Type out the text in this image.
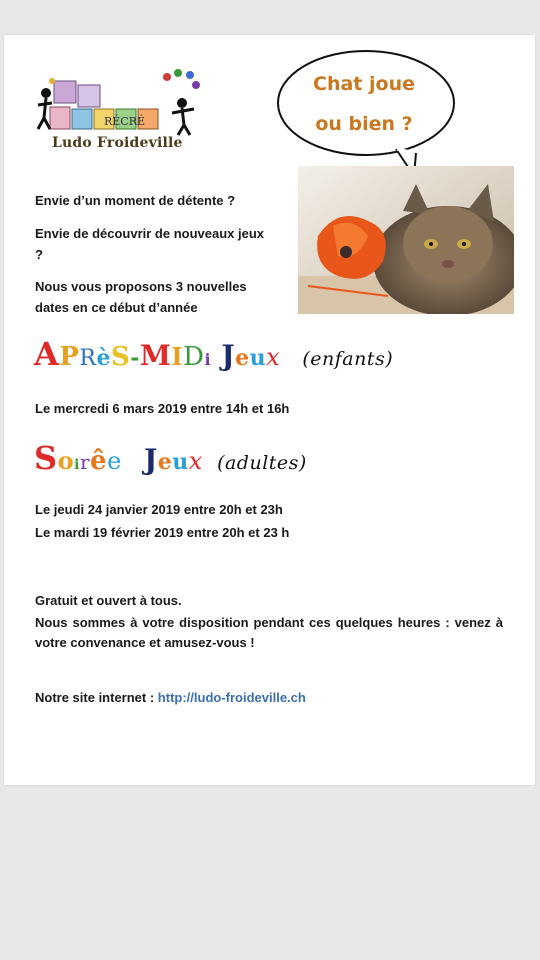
RÉCRÉ
Ludo Froideville
Chat joue
ou bien ?
Envie d’un moment de détente ?
Envie de découvrir de nouveaux jeux ?
Nous vous proposons 3 nouvelles dates en ce début d’année
APRèS-MIDi Jeux (enfants)
Le mercredi 6 mars 2019 entre 14h et 16h
Soirêe Jeux (adultes)
Le jeudi 24 janvier 2019 entre 20h et 23h
Le mardi 19 février 2019 entre 20h et 23 h
Gratuit et ouvert à tous.
Nous sommes à votre disposition pendant ces quelques heures : venez à votre convenance et amusez-vous !
Notre site internet : http://ludo-froideville.ch
